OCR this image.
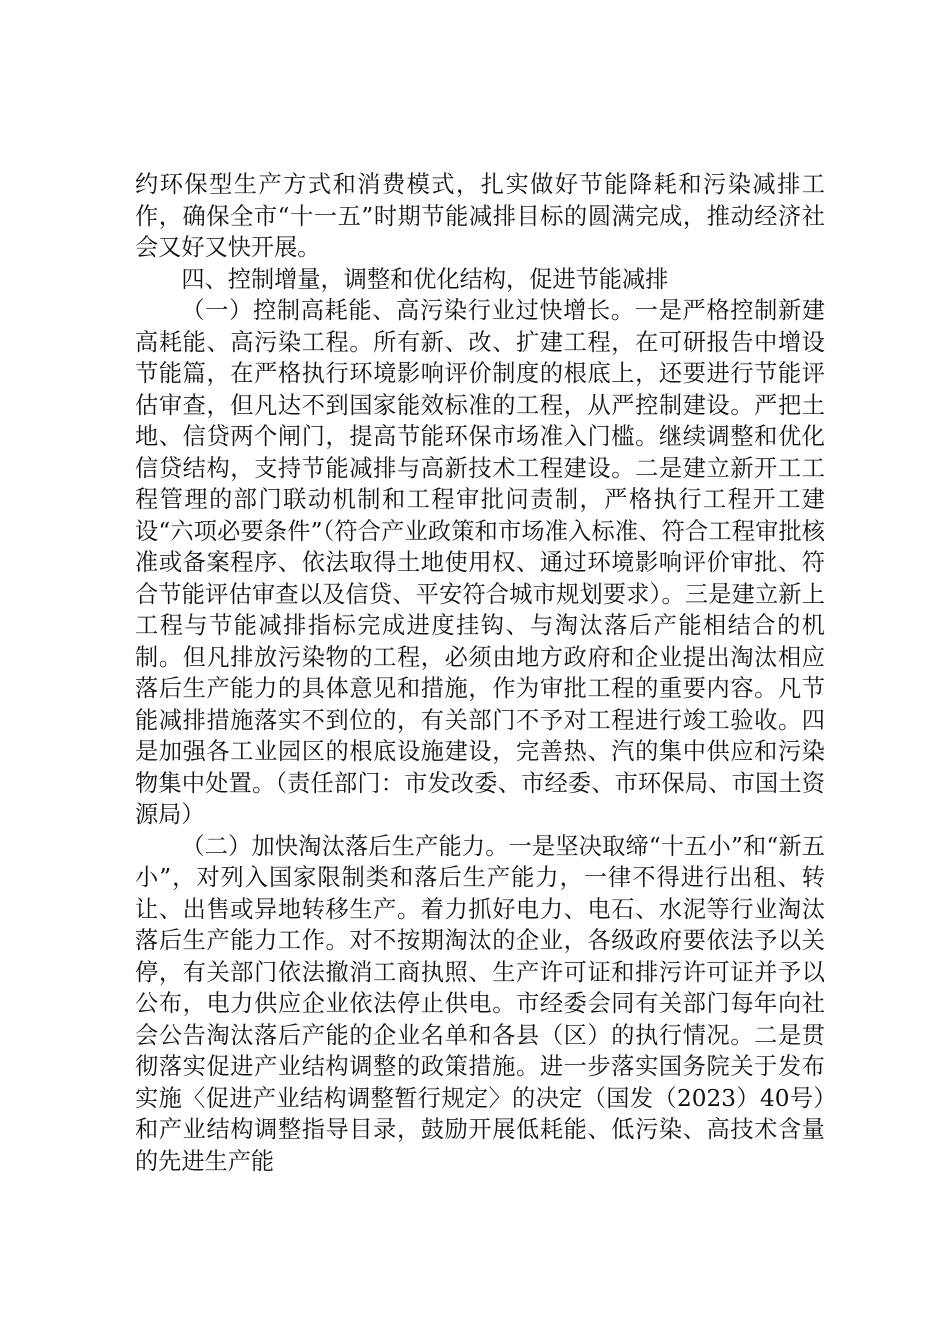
约环保型生产方式和消费模式，扎实做好节能降耗和污染减排工作，确保全市“十一五”时期节能减排目标的圆满完成，推动经济社会又好又快开展。

四、控制增量，调整和优化结构，促进节能减排

（一）控制高耗能、高污染行业过快增长。一是严格控制新建高耗能、高污染工程。所有新、改、扩建工程，在可研报告中增设节能篇，在严格执行环境影响评价制度的根底上，还要进行节能评估审查，但凡达不到国家能效标准的工程，从严控制建设。严把土地、信贷两个闸门，提高节能环保市场准入门槛。继续调整和优化信贷结构，支持节能减排与高新技术工程建设。二是建立新开工工程管理的部门联动机制和工程审批问责制，严格执行工程开工建设“六项必要条件”（符合产业政策和市场准入标准、符合工程审批核准或备案程序、依法取得土地使用权、通过环境影响评价审批、符合节能评估审查以及信贷、平安符合城市规划要求）。三是建立新上工程与节能减排指标完成进度挂钩、与淘汰落后产能相结合的机制。但凡排放污染物的工程，必须由地方政府和企业提出淘汰相应落后生产能力的具体意见和措施，作为审批工程的重要内容。凡节能减排措施落实不到位的，有关部门不予对工程进行竣工验收。四是加强各工业园区的根底设施建设，完善热、汽的集中供应和污染物集中处置。（责任部门：市发改委、市经委、市环保局、市国土资源局）

（二）加快淘汰落后生产能力。一是坚决取缔“十五小”和“新五小”，对列入国家限制类和落后生产能力，一律不得进行出租、转让、出售或异地转移生产。着力抓好电力、电石、水泥等行业淘汰落后生产能力工作。对不按期淘汰的企业，各级政府要依法予以关停，有关部门依法撤消工商执照、生产许可证和排污许可证并予以公布，电力供应企业依法停止供电。市经委会同有关部门每年向社会公告淘汰落后产能的企业名单和各县（区）的执行情况。二是贯彻落实促进产业结构调整的政策措施。进一步落实国务院关于发布实施〈促进产业结构调整暂行规定〉的决定（国发（2023）40号）和产业结构调整指导目录，鼓励开展低耗能、低污染、高技术含量的先进生产能
